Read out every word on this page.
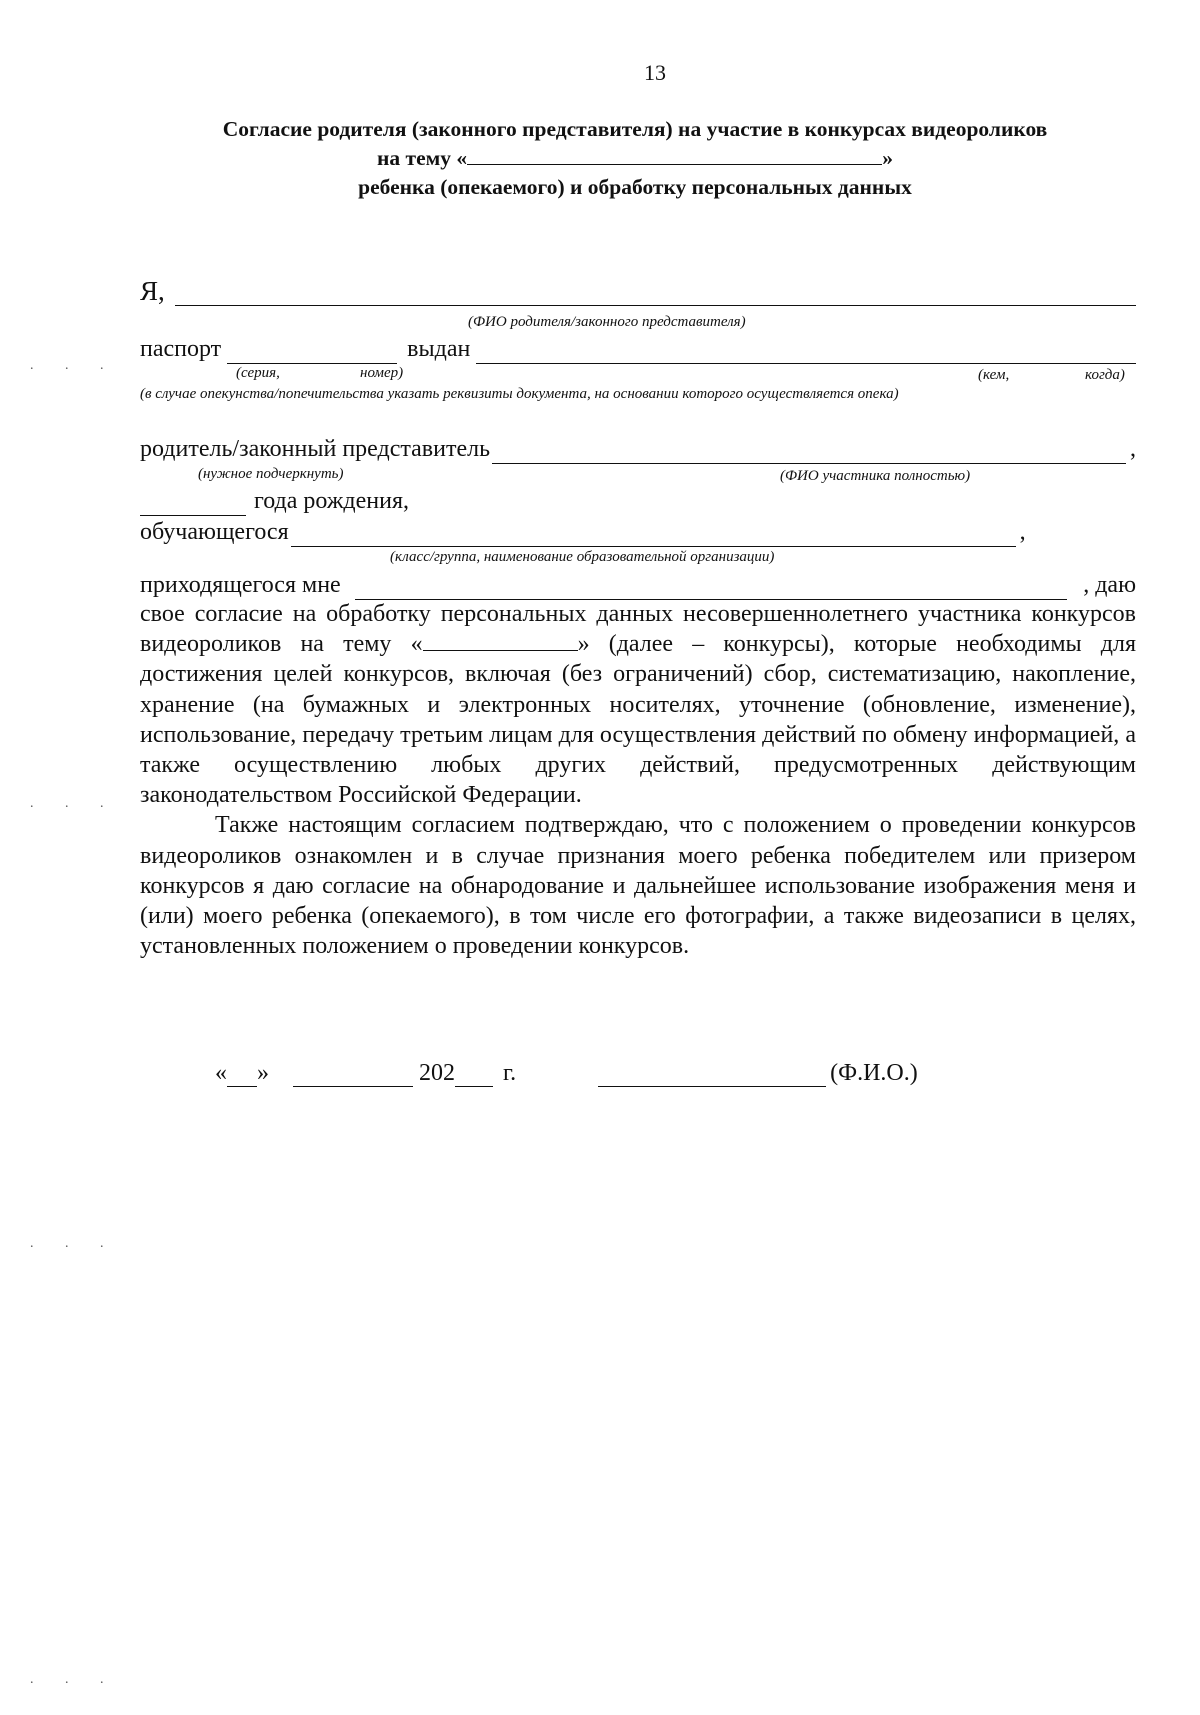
13
Согласие родителя (законного представителя) на участие в конкурсах видеороликов
на тему «	»
ребенка (опекаемого) и обработку персональных данных
Я,
(ФИО родителя/законного представителя)
паспорт	выдан
(серия,	номер)	(кем,	когда)
(в случае опекунства/попечительства указать реквизиты документа, на основании которого осуществляется опека)
родитель/законный представитель	,
(нужное подчеркнуть)	(ФИО участника полностью)
года рождения,
обучающегося	,
(класс/группа, наименование образовательной организации)
приходящегося мне	, даю

свое согласие на обработку персональных данных несовершеннолетнего участника конкурсов видеороликов на тему «	» (далее – конкурсы), которые необходимы для достижения целей конкурсов, включая (без ограничений) сбор, систематизацию, накопление, хранение (на бумажных и электронных носителях, уточнение (обновление, изменение), использование, передачу третьим лицам для осуществления действий по обмену информацией, а также осуществлению любых других действий, предусмотренных действующим законодательством Российской Федерации.

Также настоящим согласием подтверждаю, что с положением о проведении конкурсов видеороликов ознакомлен и в случае признания моего ребенка победителем или призером конкурсов я даю согласие на обнародование и дальнейшее использование изображения меня и (или) моего ребенка (опекаемого), в том числе его фотографии, а также видеозаписи в целях, установленных положением о проведении конкурсов.

« »	202 г.	(Ф.И.О.)
. . .
. . .
. . .
. . .
